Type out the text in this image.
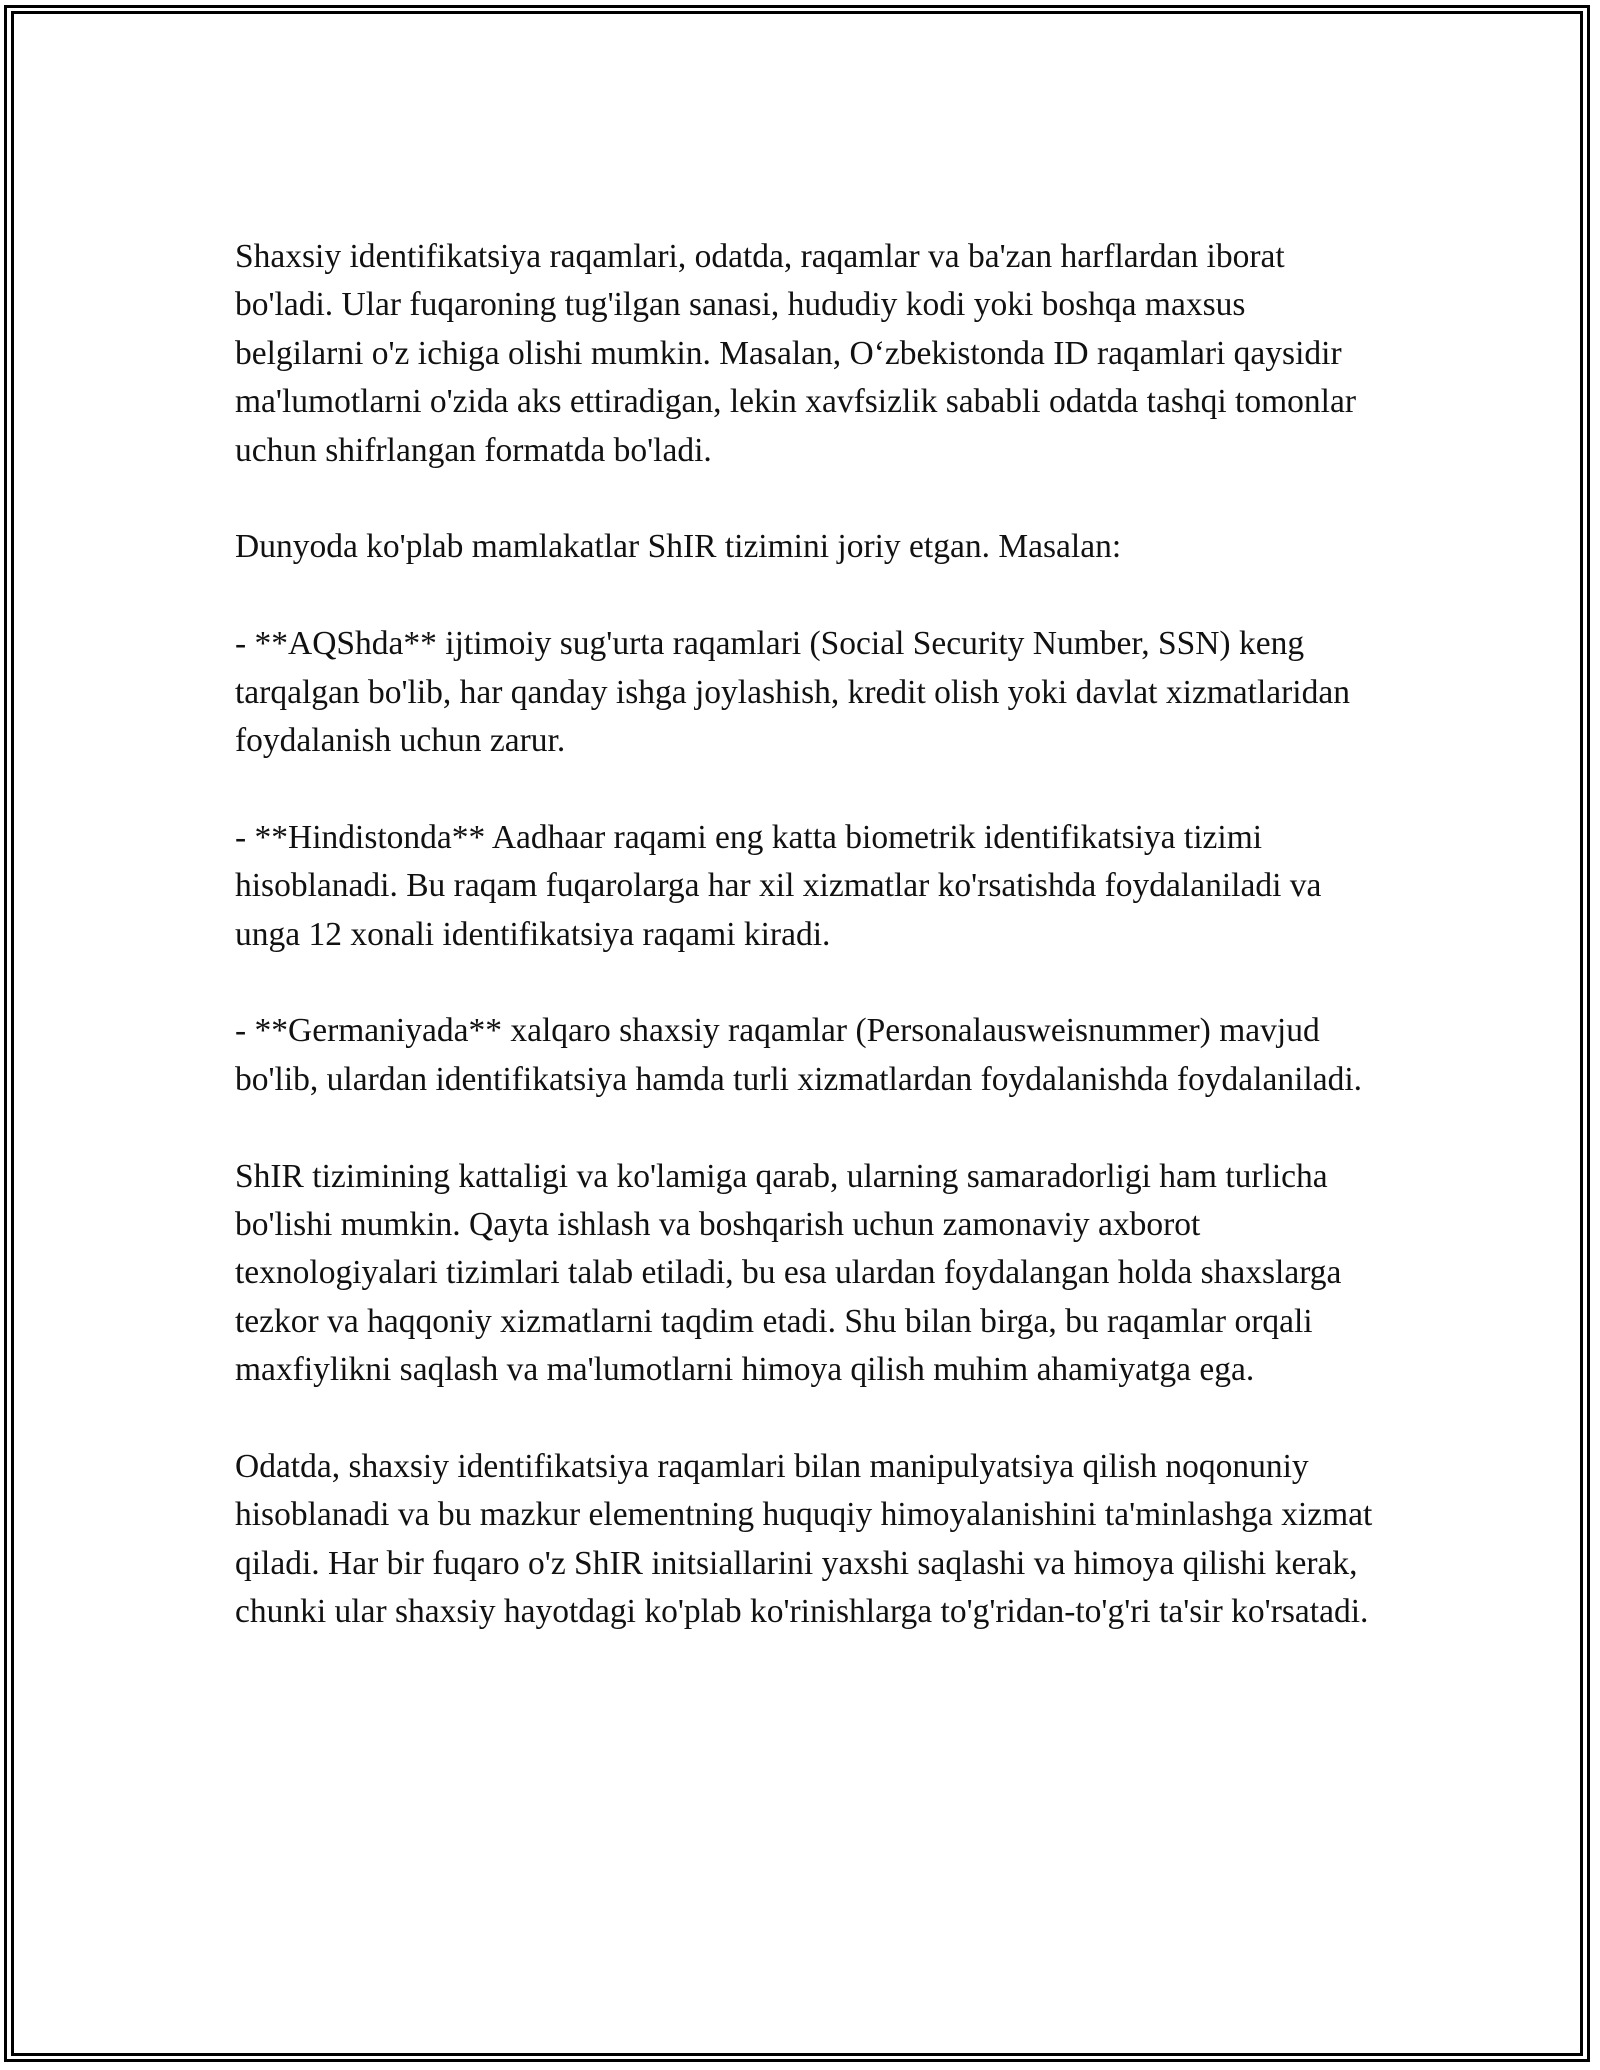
Shaxsiy identifikatsiya raqamlari, odatda, raqamlar va ba'zan harflardan iborat bo'ladi. Ular fuqaroning tug'ilgan sanasi, hududiy kodi yoki boshqa maxsus belgilarni o'z ichiga olishi mumkin. Masalan, O‘zbekistonda ID raqamlari qaysidir ma'lumotlarni o'zida aks ettiradigan, lekin xavfsizlik sababli odatda tashqi tomonlar uchun shifrlangan formatda bo'ladi.

Dunyoda ko'plab mamlakatlar ShIR tizimini joriy etgan. Masalan:

- **AQShda** ijtimoiy sug'urta raqamlari (Social Security Number, SSN) keng tarqalgan bo'lib, har qanday ishga joylashish, kredit olish yoki davlat xizmatlaridan foydalanish uchun zarur.

- **Hindistonda** Aadhaar raqami eng katta biometrik identifikatsiya tizimi hisoblanadi. Bu raqam fuqarolarga har xil xizmatlar ko'rsatishda foydalaniladi va unga 12 xonali identifikatsiya raqami kiradi.

- **Germaniyada** xalqaro shaxsiy raqamlar (Personalausweisnummer) mavjud bo'lib, ulardan identifikatsiya hamda turli xizmatlardan foydalanishda foydalaniladi.

ShIR tizimining kattaligi va ko'lamiga qarab, ularning samaradorligi ham turlicha bo'lishi mumkin. Qayta ishlash va boshqarish uchun zamonaviy axborot texnologiyalari tizimlari talab etiladi, bu esa ulardan foydalangan holda shaxslarga tezkor va haqqoniy xizmatlarni taqdim etadi. Shu bilan birga, bu raqamlar orqali maxfiylikni saqlash va ma'lumotlarni himoya qilish muhim ahamiyatga ega.

Odatda, shaxsiy identifikatsiya raqamlari bilan manipulyatsiya qilish noqonuniy hisoblanadi va bu mazkur elementning huquqiy himoyalanishini ta'minlashga xizmat qiladi. Har bir fuqaro o'z ShIR initsiallarini yaxshi saqlashi va himoya qilishi kerak, chunki ular shaxsiy hayotdagi ko'plab ko'rinishlarga to'g'ridan-to'g'ri ta'sir ko'rsatadi.
